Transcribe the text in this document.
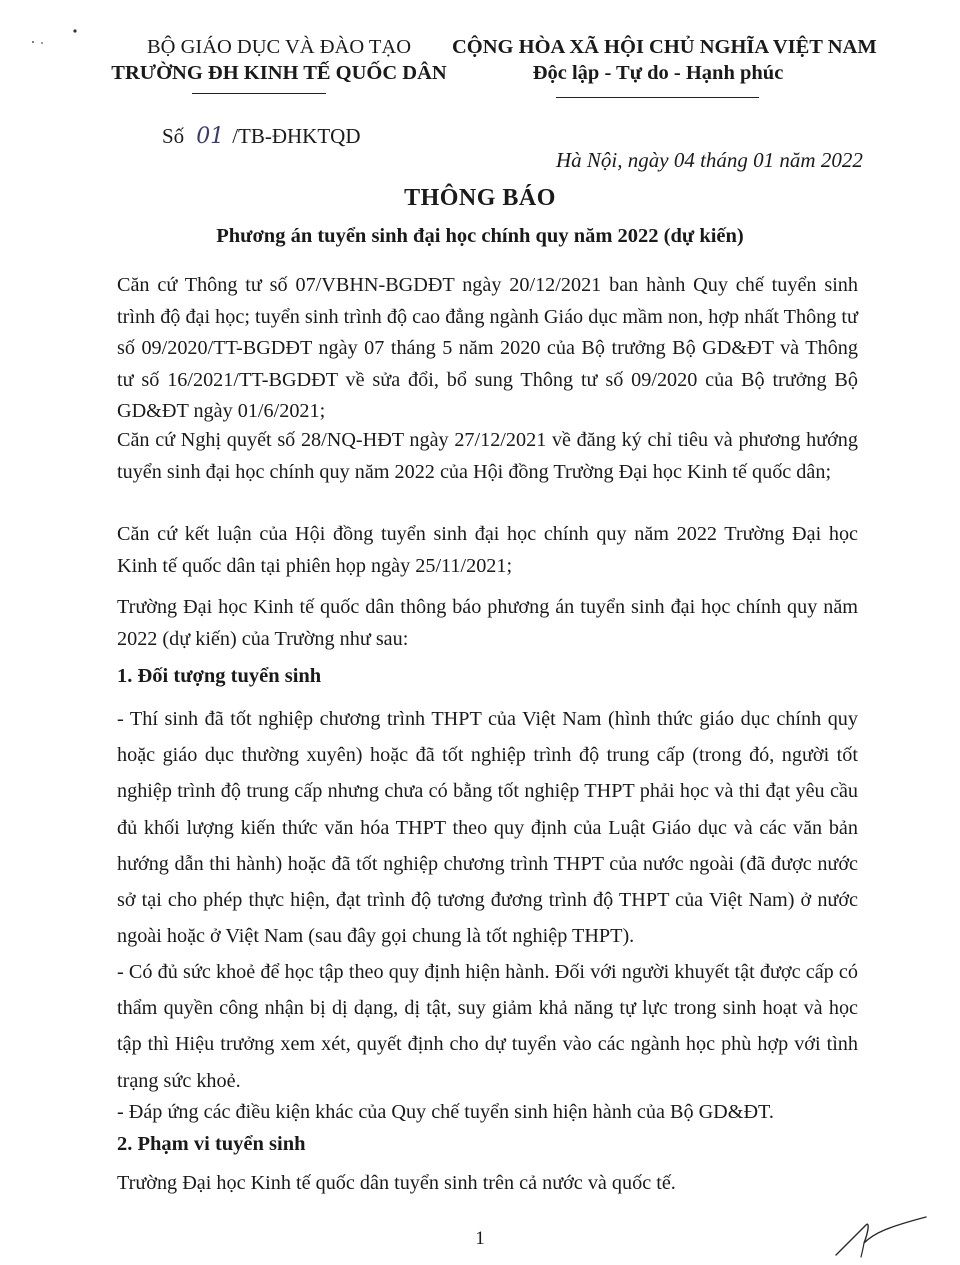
BỘ GIÁO DỤC VÀ ĐÀO TẠO
TRƯỜNG ĐH KINH TẾ QUỐC DÂN
CỘNG HÒA XÃ HỘI CHỦ NGHĨA VIỆT NAM
Độc lập - Tự do - Hạnh phúc
Số 01 /TB-ĐHKTQD
Hà Nội, ngày 04 tháng 01 năm 2022
THÔNG BÁO
Phương án tuyển sinh đại học chính quy năm 2022 (dự kiến)
Căn cứ Thông tư số 07/VBHN-BGDĐT ngày 20/12/2021 ban hành Quy chế tuyển sinh trình độ đại học; tuyển sinh trình độ cao đẳng ngành Giáo dục mầm non, hợp nhất Thông tư số 09/2020/TT-BGDĐT ngày 07 tháng 5 năm 2020 của Bộ trưởng Bộ GD&ĐT và Thông tư số 16/2021/TT-BGDĐT về sửa đổi, bổ sung Thông tư số 09/2020 của Bộ trưởng Bộ GD&ĐT ngày 01/6/2021;
Căn cứ Nghị quyết số 28/NQ-HĐT ngày 27/12/2021 về đăng ký chỉ tiêu và phương hướng tuyển sinh đại học chính quy năm 2022 của Hội đồng Trường Đại học Kinh tế quốc dân;
Căn cứ kết luận của Hội đồng tuyển sinh đại học chính quy năm 2022 Trường Đại học Kinh tế quốc dân tại phiên họp ngày 25/11/2021;
Trường Đại học Kinh tế quốc dân thông báo phương án tuyển sinh đại học chính quy năm 2022 (dự kiến) của Trường như sau:
1. Đối tượng tuyển sinh
- Thí sinh đã tốt nghiệp chương trình THPT của Việt Nam (hình thức giáo dục chính quy hoặc giáo dục thường xuyên) hoặc đã tốt nghiệp trình độ trung cấp (trong đó, người tốt nghiệp trình độ trung cấp nhưng chưa có bằng tốt nghiệp THPT phải học và thi đạt yêu cầu đủ khối lượng kiến thức văn hóa THPT theo quy định của Luật Giáo dục và các văn bản hướng dẫn thi hành) hoặc đã tốt nghiệp chương trình THPT của nước ngoài (đã được nước sở tại cho phép thực hiện, đạt trình độ tương đương trình độ THPT của Việt Nam) ở nước ngoài hoặc ở Việt Nam (sau đây gọi chung là tốt nghiệp THPT).
- Có đủ sức khoẻ để học tập theo quy định hiện hành. Đối với người khuyết tật được cấp có thẩm quyền công nhận bị dị dạng, dị tật, suy giảm khả năng tự lực trong sinh hoạt và học tập thì Hiệu trưởng xem xét, quyết định cho dự tuyển vào các ngành học phù hợp với tình trạng sức khoẻ.
- Đáp ứng các điều kiện khác của Quy chế tuyển sinh hiện hành của Bộ GD&ĐT.
2. Phạm vi tuyển sinh
Trường Đại học Kinh tế quốc dân tuyển sinh trên cả nước và quốc tế.
1
